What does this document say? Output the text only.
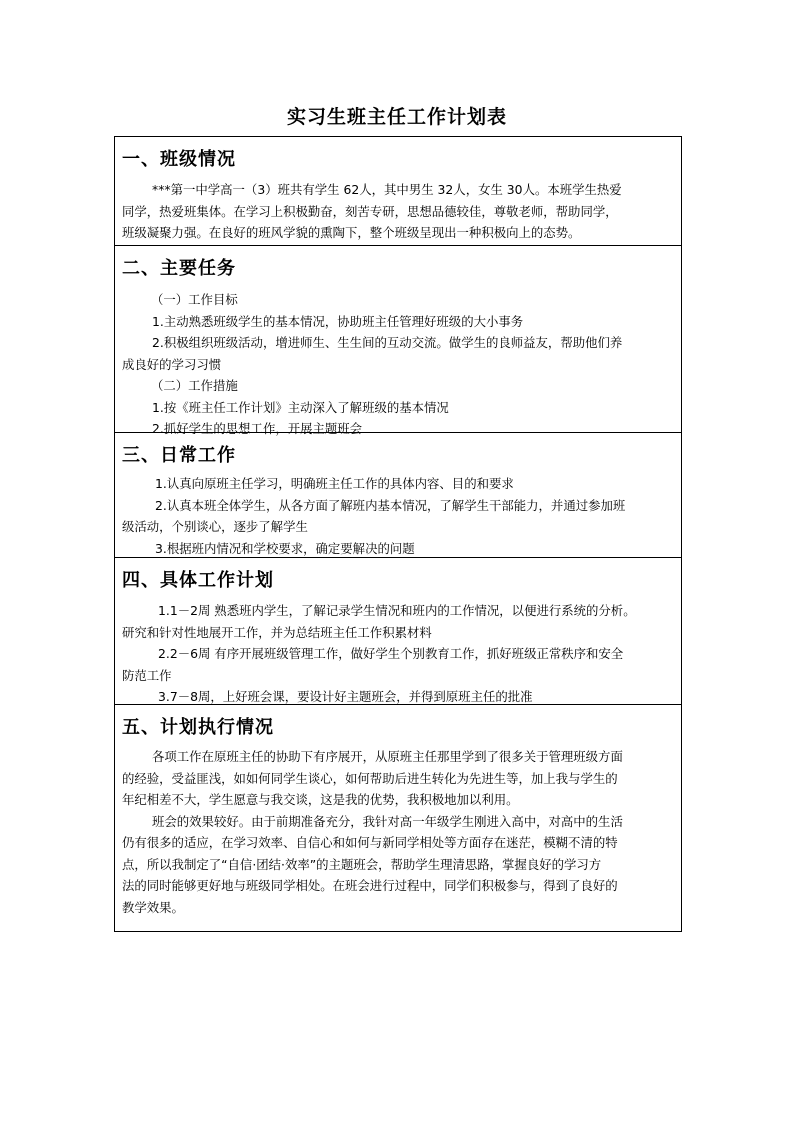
实习生班主任工作计划表
一、班级情况

***第一中学高一（3）班共有学生 62人，其中男生 32人，女生 30人。本班学生热爱

同学，热爱班集体。在学习上积极勤奋，刻苦专研，思想品德较佳，尊敬老师，帮助同学，

班级凝聚力强。在良好的班风学貌的熏陶下，整个班级呈现出一种积极向上的态势。

二、主要任务

（一）工作目标

1.主动熟悉班级学生的基本情况，协助班主任管理好班级的大小事务

2.积极组织班级活动，增进师生、生生间的互动交流。做学生的良师益友，帮助他们养

成良好的学习习惯

（二）工作措施

1.按《班主任工作计划》主动深入了解班级的基本情况

2.抓好学生的思想工作，开展主题班会

三、日常工作

1.认真向原班主任学习，明确班主任工作的具体内容、目的和要求

2.认真本班全体学生，从各方面了解班内基本情况，了解学生干部能力，并通过参加班

级活动，个别谈心，逐步了解学生

3.根据班内情况和学校要求，确定要解决的问题

四、具体工作计划

1.1－2周 熟悉班内学生，了解记录学生情况和班内的工作情况，以便进行系统的分析。

研究和针对性地展开工作，并为总结班主任工作积累材料

2.2－6周 有序开展班级管理工作，做好学生个别教育工作，抓好班级正常秩序和安全

防范工作

3.7－8周，上好班会课，要设计好主题班会，并得到原班主任的批准

五、计划执行情况

各项工作在原班主任的协助下有序展开，从原班主任那里学到了很多关于管理班级方面

的经验，受益匪浅，如如何同学生谈心，如何帮助后进生转化为先进生等，加上我与学生的

年纪相差不大，学生愿意与我交谈，这是我的优势，我积极地加以利用。

班会的效果较好。由于前期准备充分，我针对高一年级学生刚进入高中，对高中的生活

仍有很多的适应，在学习效率、自信心和如何与新同学相处等方面存在迷茫，模糊不清的特

点，所以我制定了“自信·团结·效率”的主题班会，帮助学生理清思路，掌握良好的学习方

法的同时能够更好地与班级同学相处。在班会进行过程中，同学们积极参与，得到了良好的

教学效果。
